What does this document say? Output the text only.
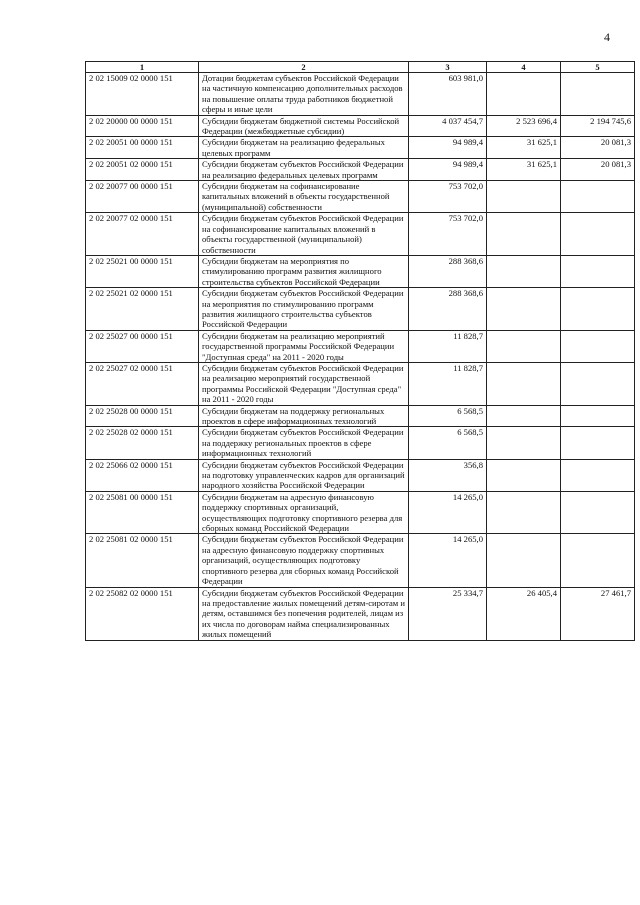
4
1	2	3	4	5
2 02 15009 02 0000 151	Дотации бюджетам субъектов Российской Федерации на частичную компенсацию дополнительных расходов на повышение оплаты труда работников бюджетной сферы и иные цели	603 981,0		
2 02 20000 00 0000 151	Субсидии бюджетам бюджетной системы Российской Федерации (межбюджетные субсидии)	4 037 454,7	2 523 696,4	2 194 745,6
2 02 20051 00 0000 151	Субсидии бюджетам на реализацию федеральных целевых программ	94 989,4	31 625,1	20 081,3
2 02 20051 02 0000 151	Субсидии бюджетам субъектов Российской Федерации на реализацию федеральных целевых программ	94 989,4	31 625,1	20 081,3
2 02 20077 00 0000 151	Субсидии бюджетам на софинансирование капитальных вложений в объекты государственной (муниципальной) собственности	753 702,0		
2 02 20077 02 0000 151	Субсидии бюджетам субъектов Российской Федерации на софинансирование капитальных вложений в объекты государственной (муниципальной) собственности	753 702,0		
2 02 25021 00 0000 151	Субсидии бюджетам на мероприятия по стимулированию программ развития жилищного строительства субъектов Российской Федерации	288 368,6		
2 02 25021 02 0000 151	Субсидии бюджетам субъектов Российской Федерации на мероприятия по стимулированию программ развития жилищного строительства субъектов Российской Федерации	288 368,6		
2 02 25027 00 0000 151	Субсидии бюджетам на реализацию мероприятий государственной программы Российской Федерации "Доступная среда" на 2011 - 2020 годы	11 828,7		
2 02 25027 02 0000 151	Субсидии бюджетам субъектов Российской Федерации на реализацию мероприятий государственной программы Российской Федерации "Доступная среда" на 2011 - 2020 годы	11 828,7		
2 02 25028 00 0000 151	Субсидии бюджетам на поддержку региональных проектов в сфере информационных технологий	6 568,5		
2 02 25028 02 0000 151	Субсидии бюджетам субъектов Российской Федерации на поддержку региональных проектов в сфере информационных технологий	6 568,5		
2 02 25066 02 0000 151	Субсидии бюджетам субъектов Российской Федерации на подготовку управленческих кадров для организаций народного хозяйства Российской Федерации	356,8		
2 02 25081 00 0000 151	Субсидии бюджетам на адресную финансовую поддержку спортивных организаций, осуществляющих подготовку спортивного резерва для сборных команд Российской Федерации	14 265,0		
2 02 25081 02 0000 151	Субсидии бюджетам субъектов Российской Федерации на адресную финансовую поддержку спортивных организаций, осуществляющих подготовку спортивного резерва для сборных команд Российской Федерации	14 265,0		
2 02 25082 02 0000 151	Субсидии бюджетам субъектов Российской Федерации на предоставление жилых помещений детям-сиротам и детям, оставшимся без попечения родителей, лицам из их числа по договорам найма специализированных жилых помещений	25 334,7	26 405,4	27 461,7
